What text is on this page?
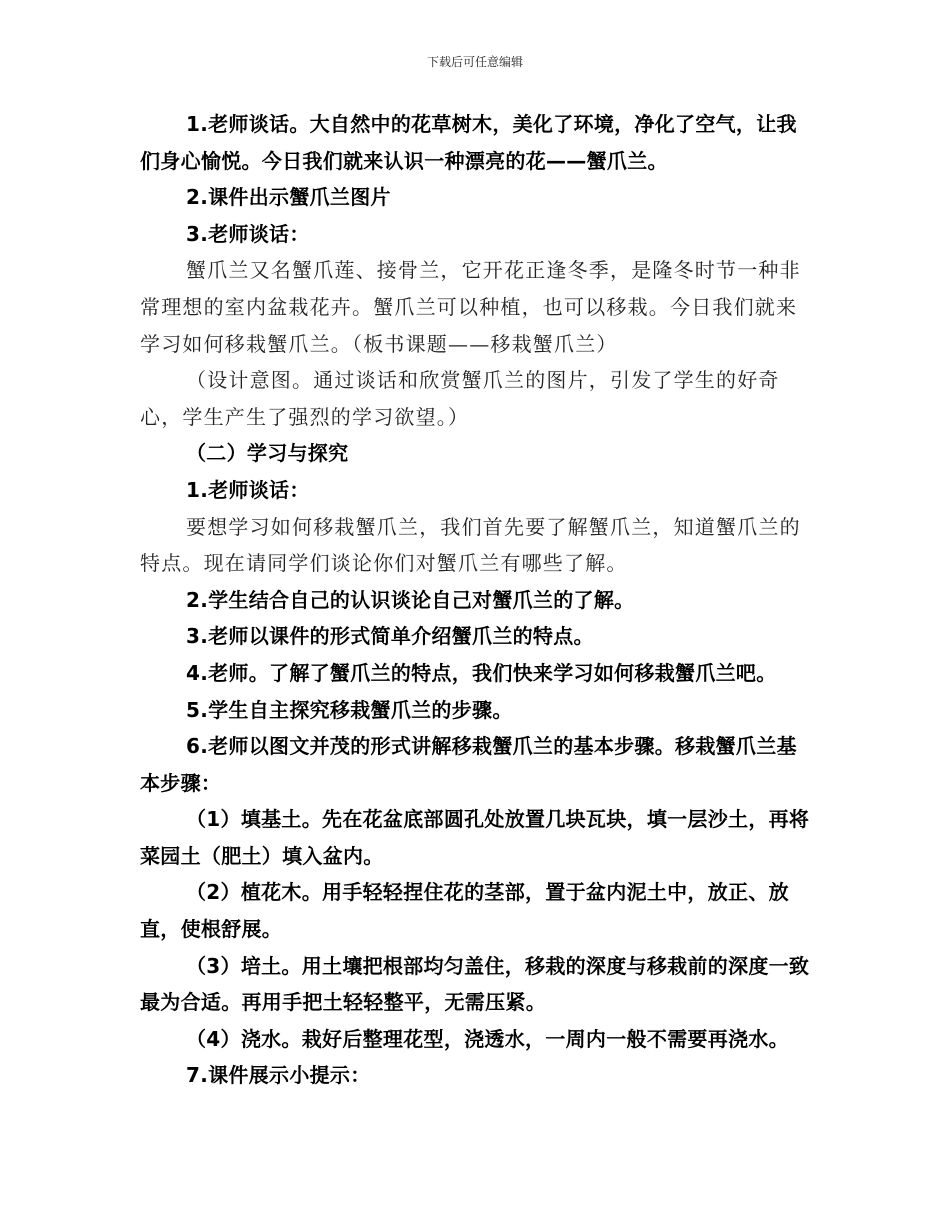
下载后可任意编辑

1.老师谈话。大自然中的花草树木，美化了环境，净化了空气，让我们身心愉悦。今日我们就来认识一种漂亮的花——蟹爪兰。

2.课件出示蟹爪兰图片

3.老师谈话：

蟹爪兰又名蟹爪莲、接骨兰，它开花正逢冬季，是隆冬时节一种非常理想的室内盆栽花卉。蟹爪兰可以种植，也可以移栽。今日我们就来学习如何移栽蟹爪兰。（板书课题——移栽蟹爪兰）

（设计意图。通过谈话和欣赏蟹爪兰的图片，引发了学生的好奇心，学生产生了强烈的学习欲望。）

（二）学习与探究

1.老师谈话：

要想学习如何移栽蟹爪兰，我们首先要了解蟹爪兰，知道蟹爪兰的特点。现在请同学们谈论你们对蟹爪兰有哪些了解。

2.学生结合自己的认识谈论自己对蟹爪兰的了解。

3.老师以课件的形式简单介绍蟹爪兰的特点。

4.老师。了解了蟹爪兰的特点，我们快来学习如何移栽蟹爪兰吧。

5.学生自主探究移栽蟹爪兰的步骤。

6.老师以图文并茂的形式讲解移栽蟹爪兰的基本步骤。移栽蟹爪兰基本步骤：

（1）填基土。先在花盆底部圆孔处放置几块瓦块，填一层沙土，再将菜园土（肥土）填入盆内。

（2）植花木。用手轻轻捏住花的茎部，置于盆内泥土中，放正、放直，使根舒展。

（3）培土。用土壤把根部均匀盖住，移栽的深度与移栽前的深度一致最为合适。再用手把土轻轻整平，无需压紧。

（4）浇水。栽好后整理花型，浇透水，一周内一般不需要再浇水。

7.课件展示小提示：
